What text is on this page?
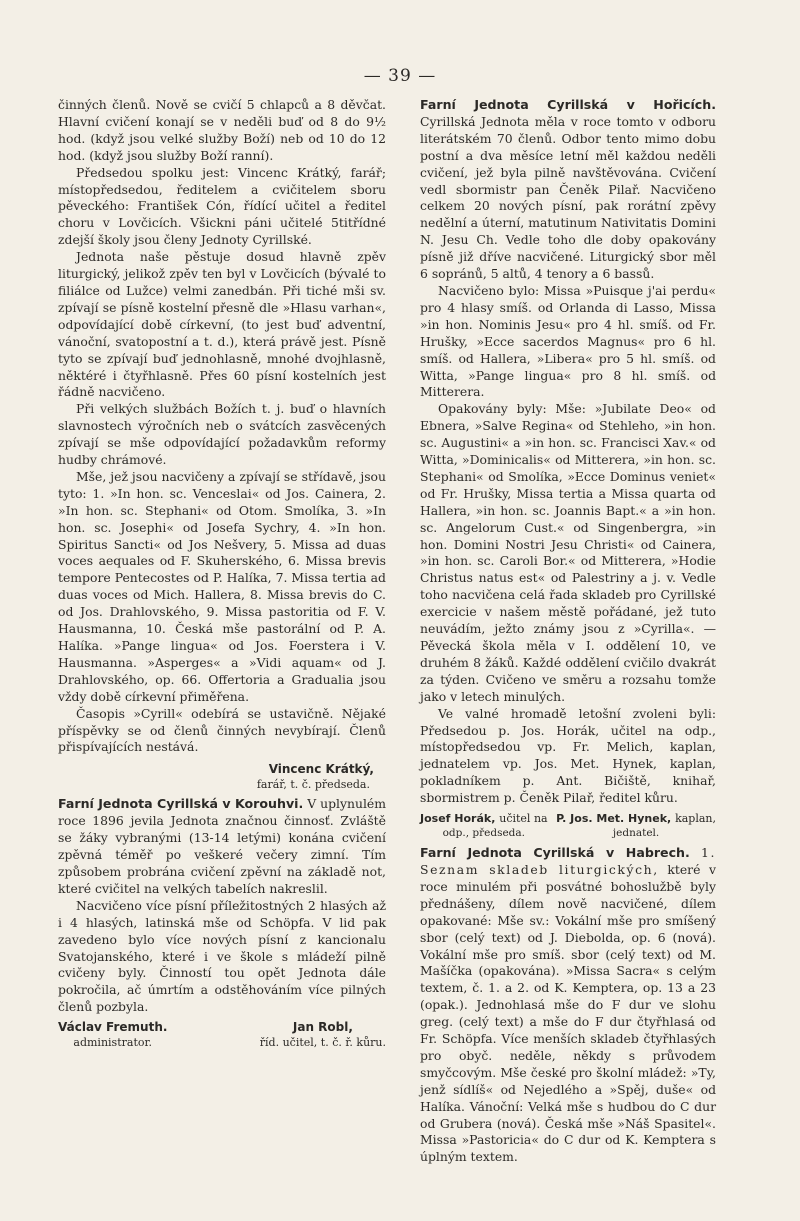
— 39 —

činných členů. Nově se cvičí 5 chlapců a 8 děvčat. Hlavní cvičení konají se v neděli buď od 8 do 9½ hod. (když jsou velké služby Boží) neb od 10 do 12 hod. (když jsou služby Boží ranní).

Předsedou spolku jest: Vincenc Krátký, farář; místopředsedou, ředitelem a cvičitelem sboru pěveckého: František Cón, řídící učitel a ředitel choru v Lovčicích. Všickni páni učitelé 5titřídné zdejší školy jsou členy Jednoty Cyrillské.

Jednota naše pěstuje dosud hlavně zpěv liturgický, jelikož zpěv ten byl v Lovčicích (bývalé to filiálce od Lužce) velmi zanedbán. Při tiché mši sv. zpívají se písně kostelní přesně dle »Hlasu varhan«, odpovídající době církevní, (to jest buď adventní, vánoční, svatopostní a t. d.), která právě jest. Písně tyto se zpívají buď jednohlasně, mnohé dvojhlasně, něktéré i čtyřhlasně. Přes 60 písní kostelních jest řádně nacvičeno.

Při velkých službách Božích t. j. buď o hlavních slavnostech výročních neb o svátcích zasvěcených zpívají se mše odpovídající požadavkům reformy hudby chrámové.

Mše, jež jsou nacvičeny a zpívají se střídavě, jsou tyto: 1. »In hon. sc. Venceslai« od Jos. Cainera, 2. »In hon. sc. Stephani« od Otom. Smolíka, 3. »In hon. sc. Josephi« od Josefa Sychry, 4. »In hon. Spiritus Sancti« od Jos Nešvery, 5. Missa ad duas voces aequales od F. Skuherského, 6. Missa brevis tempore Pentecostes od P. Halíka, 7. Missa tertia ad duas voces od Mich. Hallera, 8. Missa brevis do C. od Jos. Drahlovského, 9. Missa pastoritia od F. V. Hausmanna, 10. Česká mše pastorální od P. A. Halíka. »Pange lingua« od Jos. Foerstera i V. Hausmanna. »Asperges« a »Vidi aquam« od J. Drahlovského, op. 66. Offertoria a Gradualia jsou vždy době církevní přiměřena.

Časopis »Cyrill« odebírá se ustavičně. Nějaké příspěvky se od členů činných nevybírají. Členů přispívajících nestává.

Vincenc Krátký,
farář, t. č. předseda.

Farní Jednota Cyrillská v Korouhvi. V uplynulém roce 1896 jevila Jednota značnou činnosť. Zvláště se žáky vybranými (13-14 letými) konána cvičení zpěvná téměř po veškeré večery zimní. Tím způsobem probrána cvičení zpěvní na základě not, které cvičitel na velkých tabelích nakreslil.

Nacvičeno více písní příležitostných 2 hlasých až i 4 hlasých, latinská mše od Schöpfa. V lid pak zavedeno bylo více nových písní z kancionalu Svatojanského, které i ve škole s mládeží pilně cvičeny byly. Činností tou opět Jednota dále pokročila, ač úmrtím a odstěhováním více pilných členů pozbyla.

Václav Fremuth.
administrator.
Jan Robl,
říd. učitel, t. č. ř. kůru.

Farní Jednota Cyrillská v Hořicích. Cyrillská Jednota měla v roce tomto v odboru literátském 70 členů. Odbor tento mimo dobu postní a dva měsíce letní měl každou neděli cvičení, jež byla pilně navštěvována. Cvičení vedl sbormistr pan Čeněk Pilař. Nacvičeno celkem 20 nových písní, pak rorátní zpěvy nedělní a úterní, matutinum Nativitatis Domini N. Jesu Ch. Vedle toho dle doby opakovány písně již dříve nacvičené. Liturgický sbor měl 6 sopránů, 5 altů, 4 tenory a 6 bassů.

Nacvičeno bylo: Missa »Puisque j'ai perdu« pro 4 hlasy smíš. od Orlanda di Lasso, Missa »in hon. Nominis Jesu« pro 4 hl. smíš. od Fr. Hrušky, »Ecce sacerdos Magnus« pro 6 hl. smíš. od Hallera, »Libera« pro 5 hl. smíš. od Witta, »Pange lingua« pro 8 hl. smíš. od Mitterera.

Opakovány byly: Mše: »Jubilate Deo« od Ebnera, »Salve Regina« od Stehleho, »in hon. sc. Augustini« a »in hon. sc. Francisci Xav.« od Witta, »Dominicalis« od Mitterera, »in hon. sc. Stephani« od Smolíka, »Ecce Dominus veniet« od Fr. Hrušky, Missa tertia a Missa quarta od Hallera, »in hon. sc. Joannis Bapt.« a »in hon. sc. Angelorum Cust.« od Singenbergra, »in hon. Domini Nostri Jesu Christi« od Cainera, »in hon. sc. Caroli Bor.« od Mitterera, »Hodie Christus natus est« od Palestriny a j. v. Vedle toho nacvičena celá řada skladeb pro Cyrillské exercicie v našem městě pořádané, jež tuto neuvádím, ježto známy jsou z »Cyrilla«. — Pěvecká škola měla v I. oddělení 10, ve druhém 8 žáků. Každé oddělení cvičilo dvakrát za týden. Cvičeno ve směru a rozsahu tomže jako v letech minulých.

Ve valné hromadě letošní zvoleni byli: Předsedou p. Jos. Horák, učitel na odp., místopředsedou vp. Fr. Melich, kaplan, jednatelem vp. Jos. Met. Hynek, kaplan, pokladníkem p. Ant. Bičiště, knihař, sbormistrem p. Čeněk Pilař, ředitel kůru.

Josef Horák, učitel na
odp., předseda.
P. Jos. Met. Hynek, kaplan,
jednatel.

Farní Jednota Cyrillská v Habrech. 1. Seznam skladeb liturgických, které v roce minulém při posvátné bohoslužbě byly přednášeny, dílem nově nacvičené, dílem opakované: Mše sv.: Vokální mše pro smíšený sbor (celý text) od J. Diebolda, op. 6 (nová). Vokální mše pro smíš. sbor (celý text) od M. Mašíčka (opakována). »Missa Sacra« s celým textem, č. 1. a 2. od K. Kemptera, op. 13 a 23 (opak.). Jednohlasá mše do F dur ve slohu greg. (celý text) a mše do F dur čtyřhlasá od Fr. Schöpfa. Více menších skladeb čtyřhlasých pro obyč. neděle, někdy s průvodem smyčcovým. Mše české pro školní mládež: »Ty, jenž sídlíš« od Nejedlého a »Spěj, duše« od Halíka. Vánoční: Velká mše s hudbou do C dur od Grubera (nová). Česká mše »Náš Spasitel«. Missa »Pastoricia« do C dur od K. Kemptera s úplným textem.
